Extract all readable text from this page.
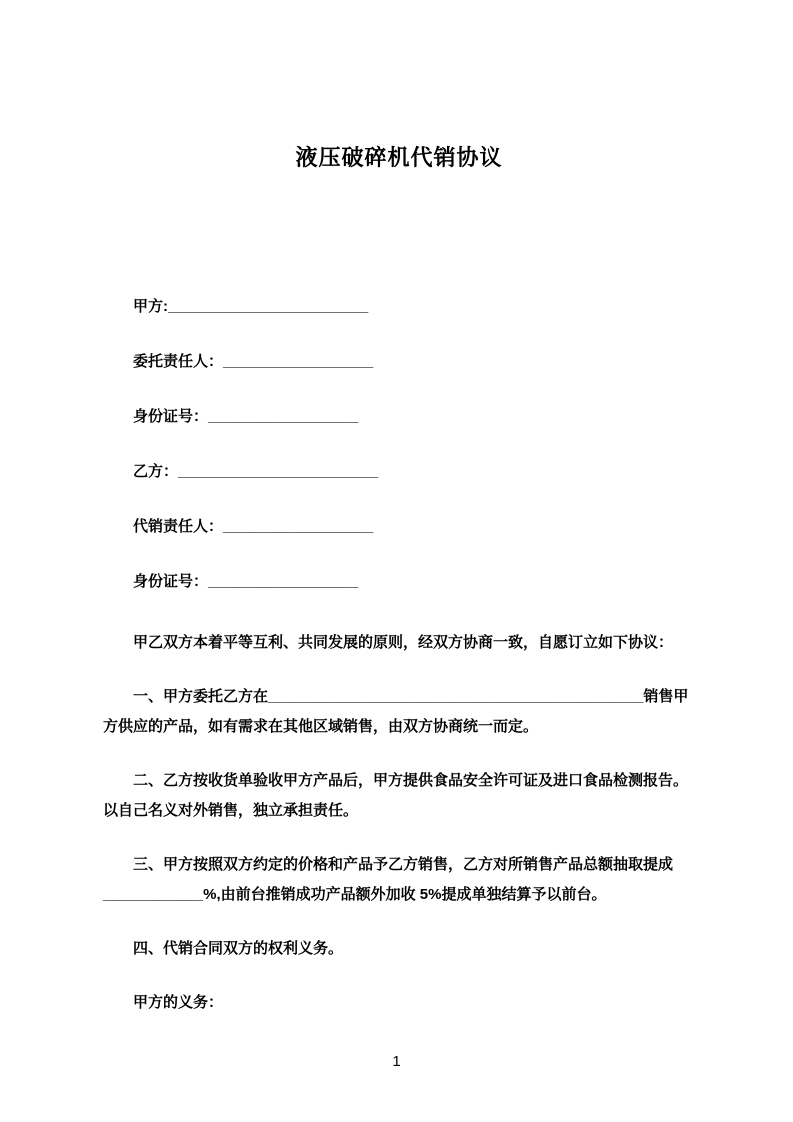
液压破碎机代销协议
甲方:________________________
委托责任人：__________________
身份证号：__________________
乙方：________________________
代销责任人：__________________
身份证号：__________________

甲乙双方本着平等互利、共同发展的原则，经双方协商一致，自愿订立如下协议：

一、甲方委托乙方在_____________________________________________销售甲方供应的产品，如有需求在其他区域销售，由双方协商统一而定。

二、乙方按收货单验收甲方产品后，甲方提供食品安全许可证及进口食品检测报告。以自己名义对外销售，独立承担责任。

三、甲方按照双方约定的价格和产品予乙方销售，乙方对所销售产品总额抽取提成____________%,由前台推销成功产品额外加收 5%提成单独结算予以前台。

四、代销合同双方的权利义务。

甲方的义务：

1
